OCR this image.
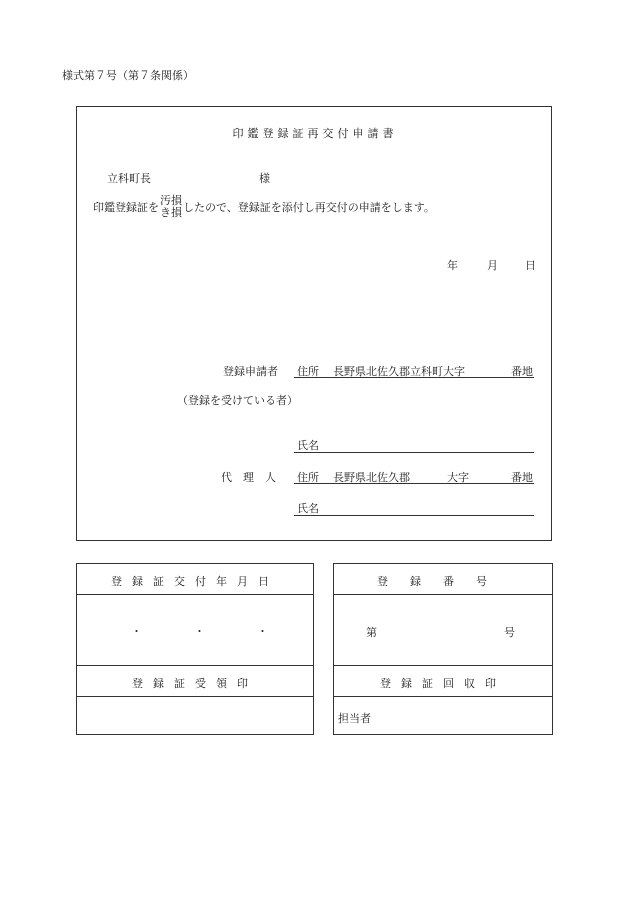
様式第７号（第７条関係）
印鑑登録証再交付申請書
立科町長	様
印鑑登録証を
汚損
き損 したので、登録証を添付し再交付の申請をします。
年	月 日
登録申請者 住所 長野県北佐久郡立科町大字	番地
（登録を受けている者）
氏名
代　理　人 住所 長野県北佐久郡	大字	番地
氏名
登録証交付年月日
・	・	・
登録証受領印
登録番号
第	号
登録証回収印
担当者
